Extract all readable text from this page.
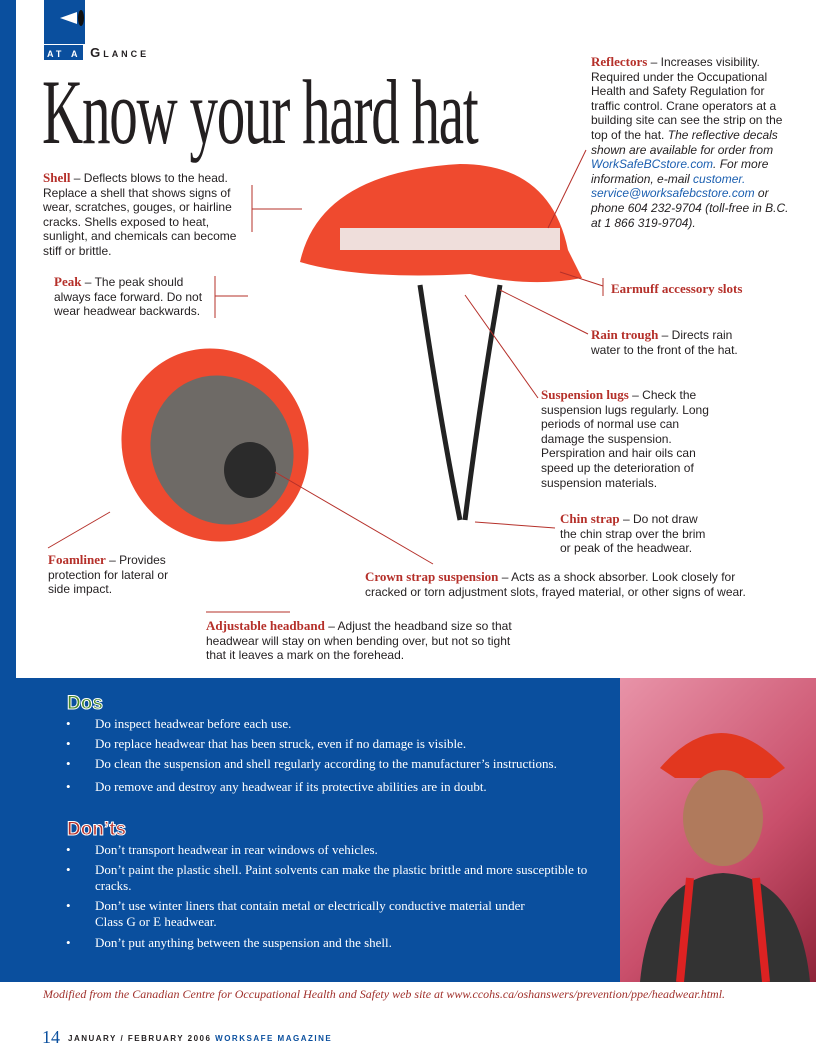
at a Glance
Know your hard hat
Shell – Deflects blows to the head. Replace a shell that shows signs of wear, scratches, gouges, or hairline cracks. Shells exposed to heat, sunlight, and chemicals can become stiff or brittle.
Peak – The peak should always face forward. Do not wear headwear backwards.
Reflectors – Increases visibility. Required under the Occupational Health and Safety Regulation for traffic control. Crane operators at a building site can see the strip on the top of the hat. The reflective decals shown are available for order from WorkSafeBCstore.com. For more information, e-mail customer. service@worksafebcstore.com or phone 604 232-9704 (toll-free in B.C. at 1 866 319-9704).
Earmuff accessory slots
Rain trough – Directs rain water to the front of the hat.
Suspension lugs – Check the suspension lugs regularly. Long periods of normal use can damage the suspension. Perspiration and hair oils can speed up the deterioration of suspension materials.
Chin strap – Do not draw the chin strap over the brim or peak of the headwear.
Foamliner – Provides protection for lateral or side impact.
Crown strap suspension – Acts as a shock absorber. Look closely for cracked or torn adjustment slots, frayed material, or other signs of wear.
Adjustable headband – Adjust the headband size so that headwear will stay on when bending over, but not so tight that it leaves a mark on the forehead.
Dos
• Do inspect headwear before each use.
• Do replace headwear that has been struck, even if no damage is visible.
• Do clean the suspension and shell regularly according to the manufacturer’s instructions.
• Do remove and destroy any headwear if its protective abilities are in doubt.
Don’ts
• Don’t transport headwear in rear windows of vehicles.
• Don’t paint the plastic shell. Paint solvents can make the plastic brittle and more susceptible to cracks.
• Don’t use winter liners that contain metal or electrically conductive material under Class G or E headwear.
• Don’t put anything between the suspension and the shell.
Modified from the Canadian Centre for Occupational Health and Safety web site at www.ccohs.ca/oshanswers/prevention/ppe/headwear.html.
14 JANUARY / FEBRUARY 2006 WORKSAFE MAGAZINE
